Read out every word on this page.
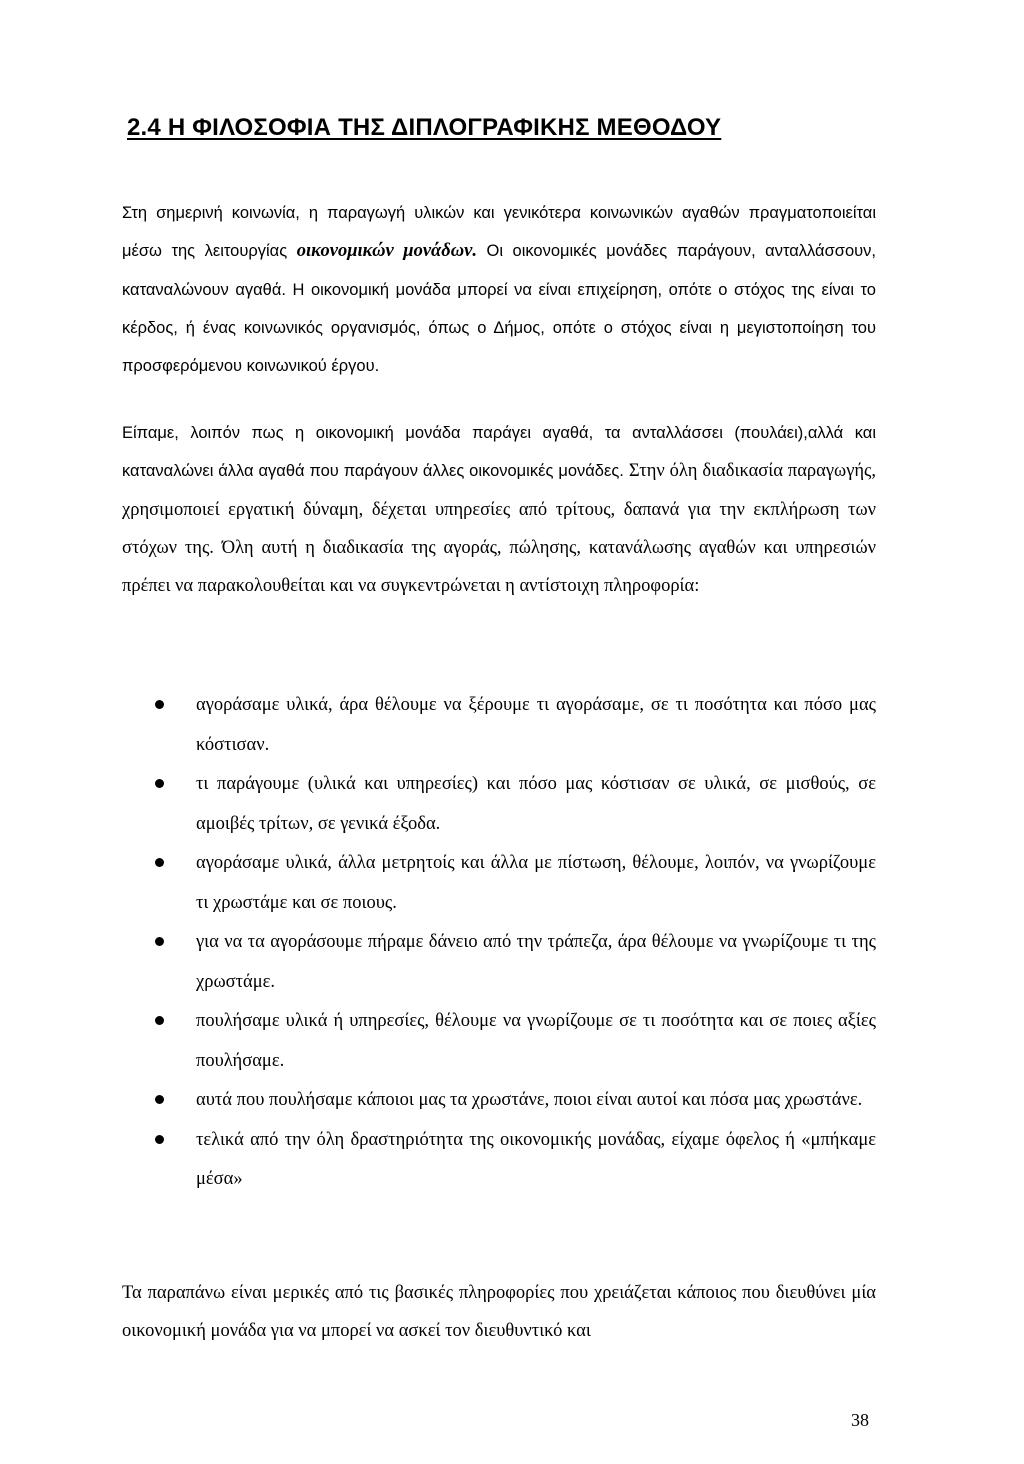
2.4 Η ΦΙΛΟΣΟΦΙΑ ΤΗΣ ΔΙΠΛΟΓΡΑΦΙΚΗΣ ΜΕΘΟΔΟΥ

Στη σημερινή κοινωνία, η παραγωγή υλικών και γενικότερα κοινωνικών αγαθών πραγματοποιείται μέσω της λειτουργίας οικονομικών μονάδων. Οι οικονομικές μονάδες παράγουν, ανταλλάσσουν, καταναλώνουν αγαθά. Η οικονομική μονάδα μπορεί να είναι επιχείρηση, οπότε ο στόχος της είναι το κέρδος, ή ένας κοινωνικός οργανισμός, όπως ο Δήμος, οπότε ο στόχος είναι η μεγιστοποίηση του προσφερόμενου κοινωνικού έργου.

Είπαμε, λοιπόν πως η οικονομική μονάδα παράγει αγαθά, τα ανταλλάσσει (πουλάει),αλλά και καταναλώνει άλλα αγαθά που παράγουν άλλες οικονομικές μονάδες. Στην όλη διαδικασία παραγωγής, χρησιμοποιεί εργατική δύναμη, δέχεται υπηρεσίες από τρίτους, δαπανά για την εκπλήρωση των στόχων της. Όλη αυτή η διαδικασία της αγοράς, πώλησης, κατανάλωσης αγαθών και υπηρεσιών πρέπει να παρακολουθείται και να συγκεντρώνεται η αντίστοιχη πληροφορία:

αγοράσαμε υλικά, άρα θέλουμε να ξέρουμε τι αγοράσαμε, σε τι ποσότητα και πόσο μας κόστισαν.
τι παράγουμε (υλικά και υπηρεσίες) και πόσο μας κόστισαν σε υλικά, σε μισθούς, σε αμοιβές τρίτων, σε γενικά έξοδα.
αγοράσαμε υλικά, άλλα μετρητοίς και άλλα με πίστωση, θέλουμε, λοιπόν, να γνωρίζουμε τι χρωστάμε και σε ποιους.
για να τα αγοράσουμε πήραμε δάνειο από την τράπεζα, άρα θέλουμε να γνωρίζουμε τι της χρωστάμε.
πουλήσαμε υλικά ή υπηρεσίες, θέλουμε να γνωρίζουμε σε τι ποσότητα και σε ποιες αξίες πουλήσαμε.
αυτά που πουλήσαμε κάποιοι μας τα χρωστάνε, ποιοι είναι αυτοί και πόσα μας χρωστάνε.
τελικά από την όλη δραστηριότητα της οικονομικής μονάδας, είχαμε όφελος ή «μπήκαμε μέσα»

Τα παραπάνω είναι μερικές από τις βασικές πληροφορίες που χρειάζεται κάποιος που διευθύνει μία οικονομική μονάδα για να μπορεί να ασκεί τον διευθυντικό και

38
